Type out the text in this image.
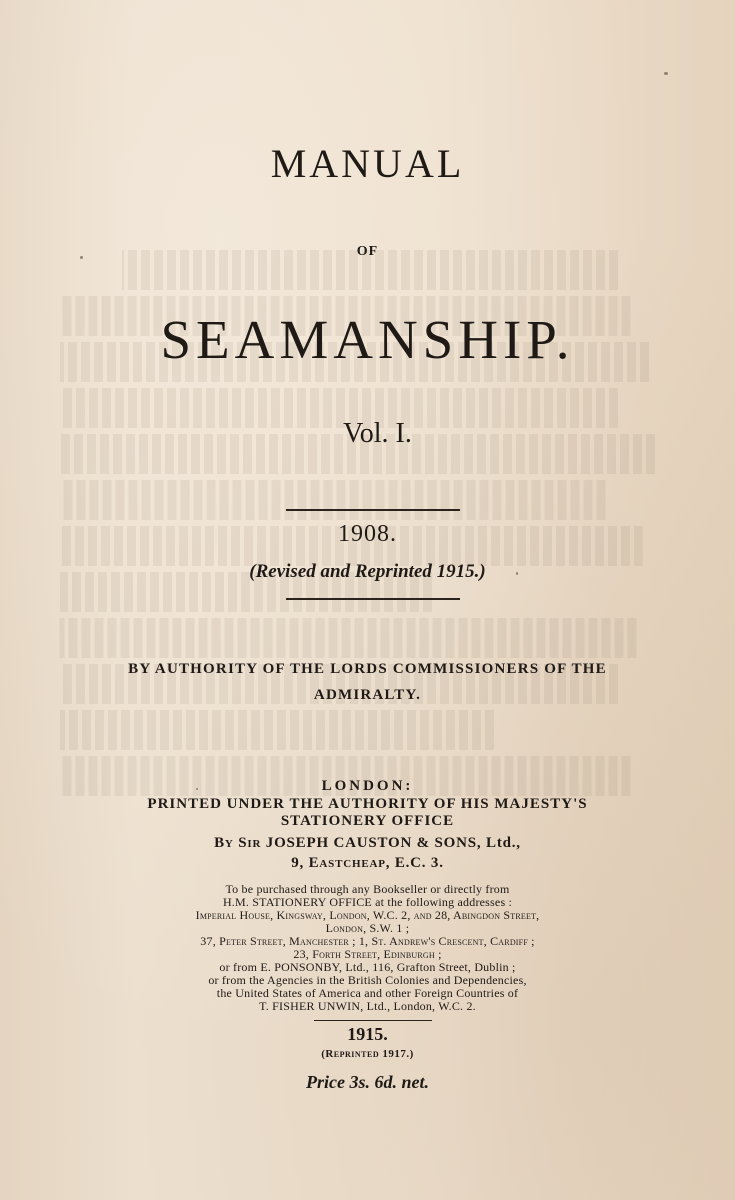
MANUAL
OF
SEAMANSHIP.
Vol. I.
1908.
(Revised and Reprinted 1915.)
BY AUTHORITY OF THE LORDS COMMISSIONERS OF THE
ADMIRALTY.
LONDON:
PRINTED UNDER THE AUTHORITY OF HIS MAJESTY'S
STATIONERY OFFICE
By Sir JOSEPH CAUSTON & SONS, Ltd.,
9, Eastcheap, E.C. 3.
To be purchased through any Bookseller or directly from
H.M. STATIONERY OFFICE at the following addresses :
Imperial House, Kingsway, London, W.C. 2, and 28, Abingdon Street,
London, S.W. 1 ;
37, Peter Street, Manchester ; 1, St. Andrew's Crescent, Cardiff ;
23, Forth Street, Edinburgh ;
or from E. PONSONBY, Ltd., 116, Grafton Street, Dublin ;
or from the Agencies in the British Colonies and Dependencies,
the United States of America and other Foreign Countries of
T. FISHER UNWIN, Ltd., London, W.C. 2.
1915.
(Reprinted 1917.)
Price 3s. 6d. net.
